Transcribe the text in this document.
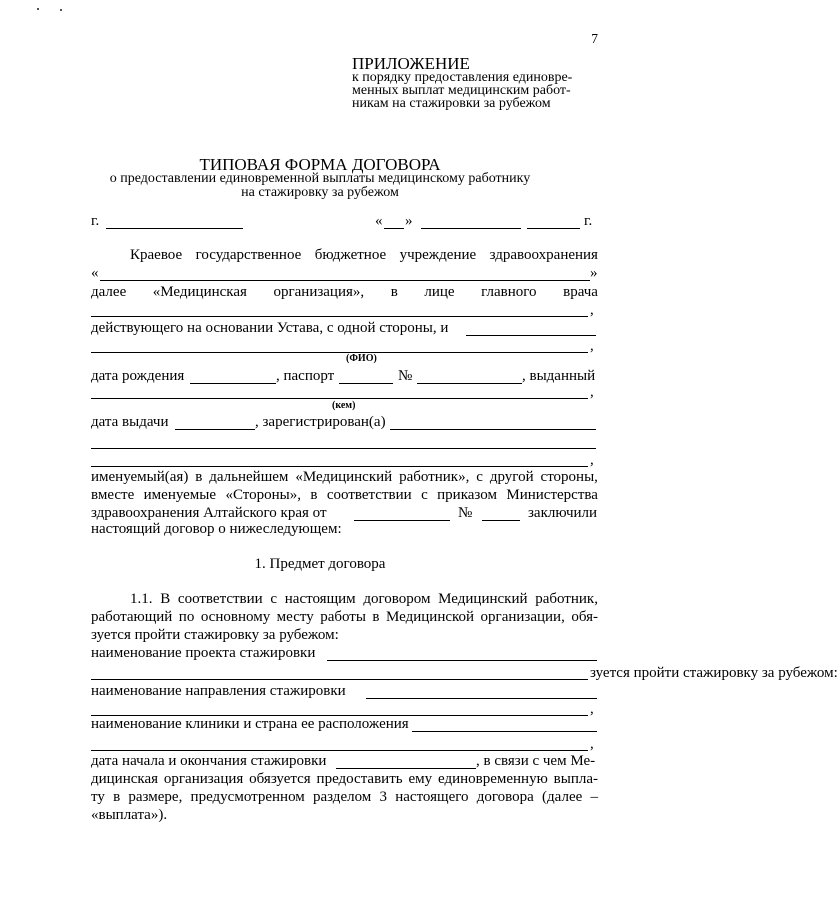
7
ПРИЛОЖЕНИЕ
к порядку предоставления единовре-
менных выплат медицинским работ-
никам на стажировки за рубежом
ТИПОВАЯ ФОРМА ДОГОВОРА
о предоставлении единовременной выплаты медицинскому работнику
на стажировку за рубежом
г.	« »	г.
Краевое государственное бюджетное учреждение здравоохранения
«	»
далее «Медицинская организация», в лице главного врача
,
действующего на основании Устава, с одной стороны, и
,
(ФИО)
дата рождения	, паспорт	№	, выданный
,
(кем)
дата выдачи	, зарегистрирован(а)
,
именуемый(ая) в дальнейшем «Медицинский работник», с другой стороны,
вместе именуемые «Стороны», в соответствии с приказом Министерства
здравоохранения Алтайского края от	№	заключили
настоящий договор о нижеследующем:
1. Предмет договора
1.1. В соответствии с настоящим договором Медицинский работник,
работающий по основному месту работы в Медицинской организации, обя-
зуется пройти стажировку за рубежом:
наименование проекта стажировки
зуется пройти стажировку за рубежом:
наименование направления стажировки
,
наименование клиники и страна ее расположения
,
дата начала и окончания стажировки	, в связи с чем Ме-
дицинская организация обязуется предоставить ему единовременную выпла-
ту в размере, предусмотренном разделом 3 настоящего договора (далее –
«выплата»).
